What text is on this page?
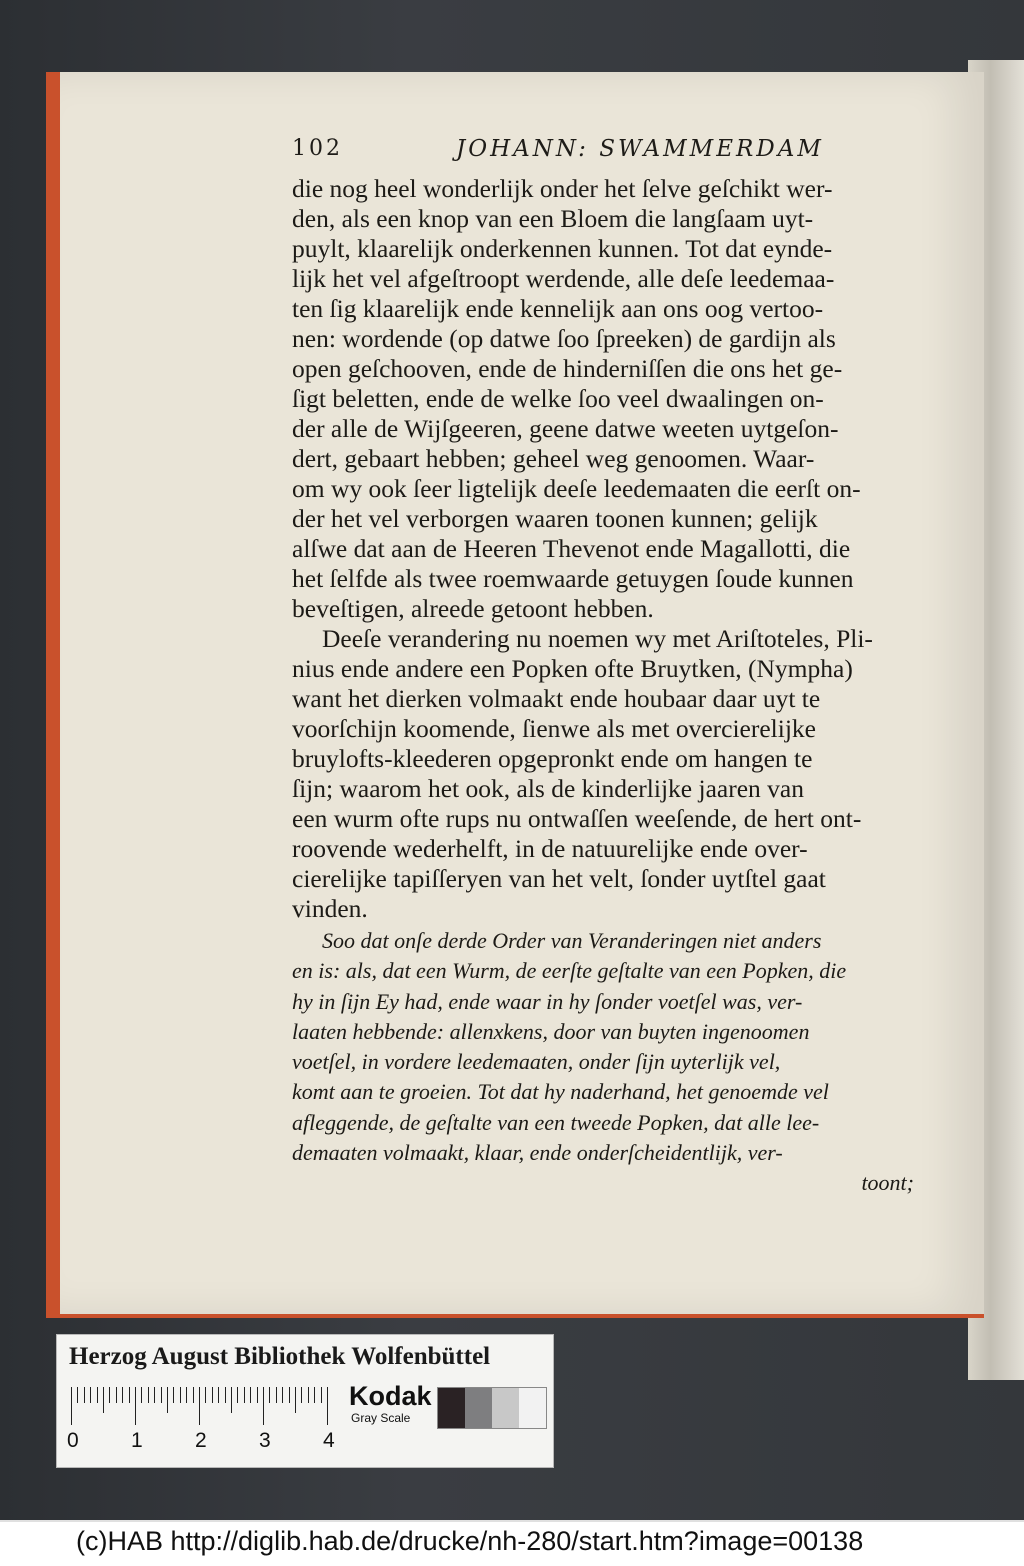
102	JOHANN: SWAMMERDAM
die nog heel wonderlijk onder het ſelve geſchikt wer-
den, als een knop van een Bloem die langſaam uyt-
puylt, klaarelijk onderkennen kunnen. Tot dat eynde-
lijk het vel afgeſtroopt werdende, alle deſe leedemaa-
ten ſig klaarelijk ende kennelijk aan ons oog vertoo-
nen: wordende (op datwe ſoo ſpreeken) de gardijn als
open geſchooven, ende de hinderniſſen die ons het ge-
ſigt beletten, ende de welke ſoo veel dwaalingen on-
der alle de Wijſgeeren, geene datwe weeten uytgeſon-
dert, gebaart hebben; geheel weg genoomen. Waar-
om wy ook ſeer ligtelijk deeſe leedemaaten die eerſt on-
der het vel verborgen waaren toonen kunnen; gelijk
alſwe dat aan de Heeren Thevenot ende Magallotti, die
het ſelfde als twee roemwaarde getuygen ſoude kunnen
beveſtigen, alreede getoont hebben.
Deeſe verandering nu noemen wy met Ariſtoteles, Pli-
nius ende andere een Popken ofte Bruytken, (Nympha)
want het dierken volmaakt ende houbaar daar uyt te
voorſchijn koomende, ſienwe als met overcierelijke
bruylofts-kleederen opgepronkt ende om hangen te
ſijn; waarom het ook, als de kinderlijke jaaren van
een wurm ofte rups nu ontwaſſen weeſende, de hert ont-
roovende wederhelft, in de natuurelijke ende over-
cierelijke tapiſſeryen van het velt, ſonder uytſtel gaat
vinden.
Soo dat onſe derde Order van Veranderingen niet anders
en is: als, dat een Wurm, de eerſte geſtalte van een Popken, die
hy in ſijn Ey had, ende waar in hy ſonder voetſel was, ver-
laaten hebbende: allenxkens, door van buyten ingenoomen
voetſel, in vordere leedemaaten, onder ſijn uyterlijk vel,
komt aan te groeien. Tot dat hy naderhand, het genoemde vel
afleggende, de geſtalte van een tweede Popken, dat alle lee-
demaaten volmaakt, klaar, ende onderſcheidentlijk, ver-
toont;
Herzog August Bibliothek Wolfenbüttel
0 1 2 3 4
Kodak
Gray Scale
(c)HAB http://diglib.hab.de/drucke/nh-280/start.htm?image=00138
